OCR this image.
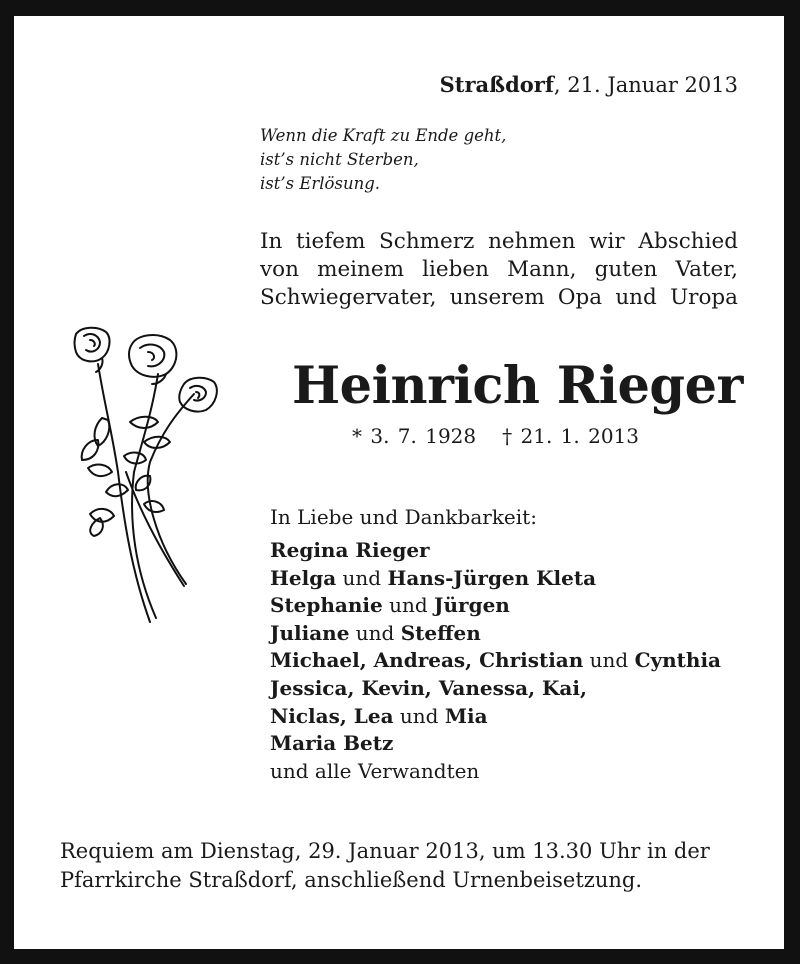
Straßdorf, 21. Januar 2013
Wenn die Kraft zu Ende geht,
ist’s nicht Sterben,
ist’s Erlösung.
In tiefem Schmerz nehmen wir Abschied
von meinem lieben Mann, guten Vater,
Schwiegervater, unserem Opa und Uropa
Heinrich Rieger
* 3. 7. 1928 † 21. 1. 2013
In Liebe und Dankbarkeit:
Regina Rieger
Helga und Hans-Jürgen Kleta
Stephanie und Jürgen
Juliane und Steffen
Michael, Andreas, Christian und Cynthia
Jessica, Kevin, Vanessa, Kai,
Niclas, Lea und Mia
Maria Betz
und alle Verwandten
Requiem am Dienstag, 29. Januar 2013, um 13.30 Uhr in der
Pfarrkirche Straßdorf, anschließend Urnenbeisetzung.
